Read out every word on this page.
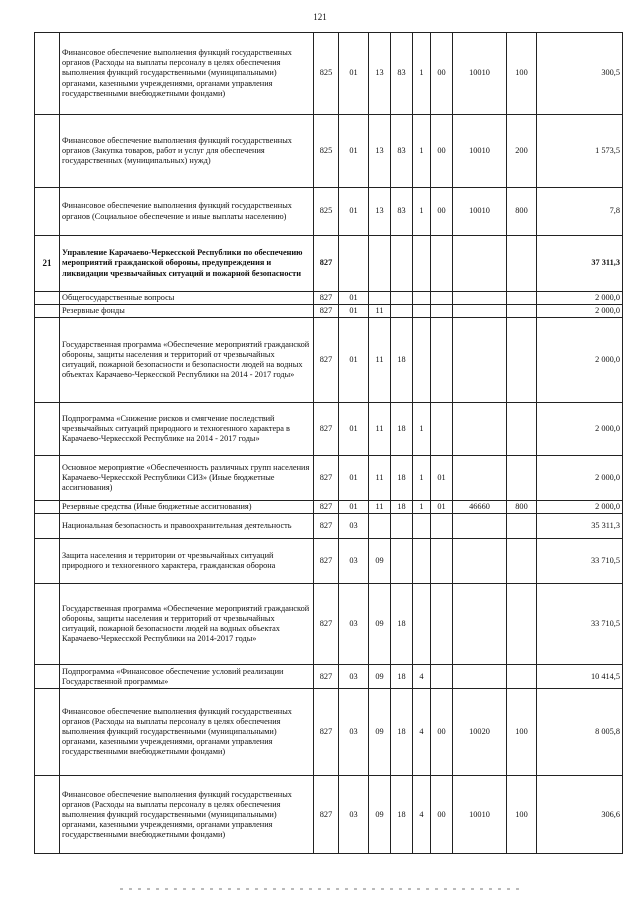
121
	Финансовое обеспечение выполнения функций государственных органов (Расходы на выплаты персоналу в целях обеспечения выполнения функций государственными (муниципальными) органами, казенными учреждениями, органами управления государственными внебюджетными фондами)	825	01	13	83	1	00	10010	100	300,5
	Финансовое обеспечение выполнения функций государственных органов (Закупка товаров, работ и услуг для обеспечения государственных (муниципальных) нужд)	825	01	13	83	1	00	10010	200	1 573,5
	Финансовое обеспечение выполнения функций государственных органов (Социальное обеспечение и иные выплаты населению)	825	01	13	83	1	00	10010	800	7,8
21	Управление Карачаево-Черкесской Республики по обеспечению мероприятий гражданской обороны, предупреждения и ликвидации чрезвычайных ситуаций и пожарной безопасности	827								37 311,3
	Общегосударственные вопросы	827	01							2 000,0
	Резервные фонды	827	01	11						2 000,0
	Государственная программа «Обеспечение мероприятий гражданской обороны, защиты населения и территорий от чрезвычайных ситуаций, пожарной безопасности и безопасности людей на водных объектах Карачаево-Черкесской Республики на 2014 - 2017 годы»	827	01	11	18					2 000,0
	Подпрограмма «Снижение рисков и смягчение последствий чрезвычайных ситуаций природного и техногенного характера в Карачаево-Черкесской Республике на 2014 - 2017 годы»	827	01	11	18	1				2 000,0
	Основное мероприятие «Обеспеченность различных групп населения Карачаево-Черкесской Республики СИЗ» (Иные бюджетные ассигнования)	827	01	11	18	1	01			2 000,0
	Резервные средства (Иные бюджетные ассигнования)	827	01	11	18	1	01	46660	800	2 000,0
	Национальная безопасность и правоохранительная деятельность	827	03							35 311,3
	Защита населения и территории от чрезвычайных ситуаций природного и техногенного характера, гражданская оборона	827	03	09						33 710,5
	Государственная программа «Обеспечение мероприятий гражданской обороны, защиты населения и территорий от чрезвычайных ситуаций, пожарной безопасности людей на водных объектах Карачаево-Черкесской Республики на 2014-2017 годы»	827	03	09	18					33 710,5
	Подпрограмма «Финансовое обеспечение условий реализации Государственной программы»	827	03	09	18	4				10 414,5
	Финансовое обеспечение выполнения функций государственных органов (Расходы на выплаты персоналу в целях обеспечения выполнения функций государственными (муниципальными) органами, казенными учреждениями, органами управления государственными внебюджетными фондами)	827	03	09	18	4	00	10020	100	8 005,8
	Финансовое обеспечение выполнения функций государственных органов (Расходы на выплаты персоналу в целях обеспечения выполнения функций государственными (муниципальными) органами, казенными учреждениями, органами управления государственными внебюджетными фондами)	827	03	09	18	4	00	10010	100	306,6
